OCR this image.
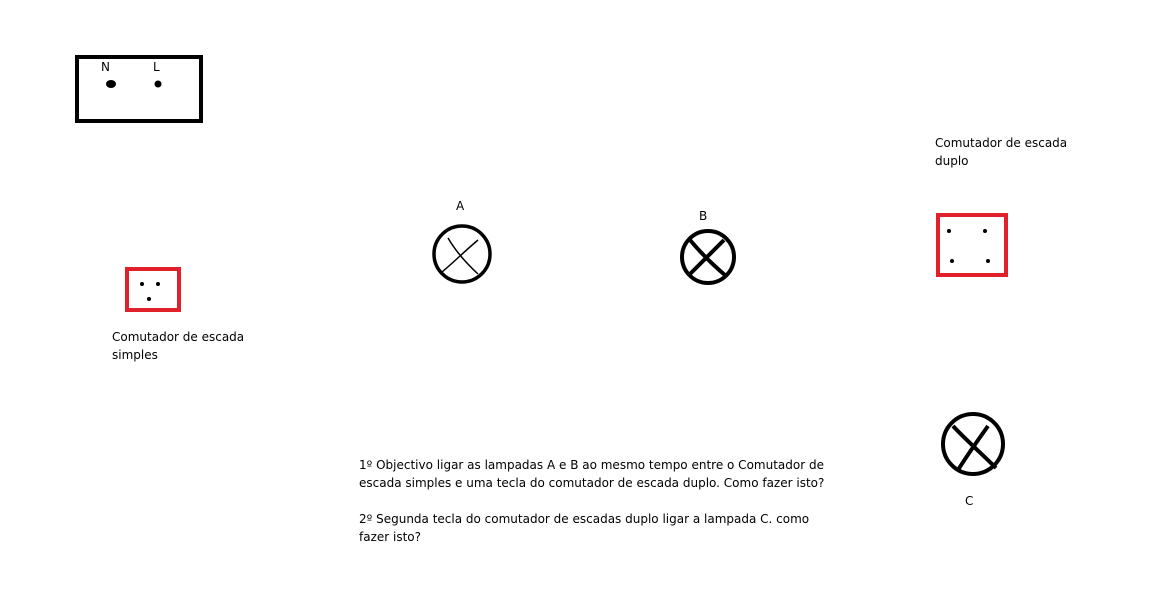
N	L
Comutador de escada
simples
A
B
Comutador de escada
duplo
C

1º Objectivo ligar as lampadas A e B ao mesmo tempo entre o Comutador de escada simples e uma tecla do comutador de escada duplo. Como fazer isto?

2º Segunda tecla do comutador de escadas duplo ligar a lampada C. como fazer isto?
